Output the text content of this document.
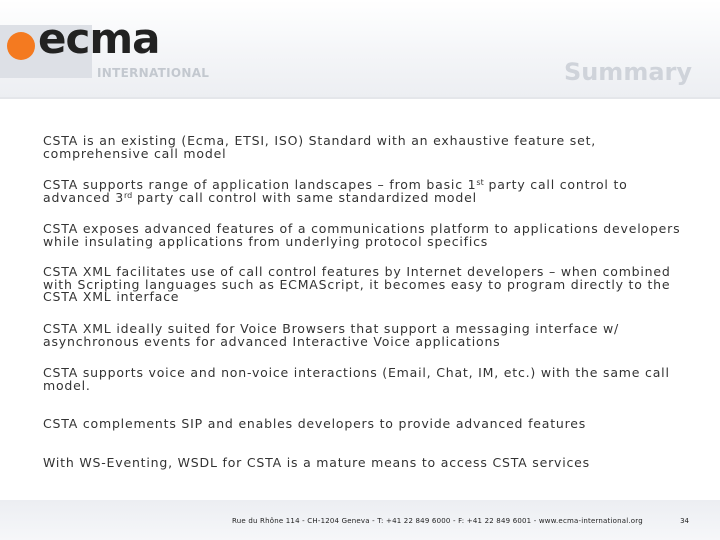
ecma
INTERNATIONAL	Summary
CSTA is an existing (Ecma, ETSI, ISO) Standard with an exhaustive feature set, comprehensive call model
CSTA supports range of application landscapes – from basic 1st party call control to advanced 3rd party call control with same standardized model
CSTA exposes advanced features of a communications platform to applications developers while insulating applications from underlying protocol specifics
CSTA XML facilitates use of call control features by Internet developers – when combined with Scripting languages such as ECMAScript, it becomes easy to program directly to the CSTA XML interface
CSTA XML ideally suited for Voice Browsers that support a messaging interface w/ asynchronous events for advanced Interactive Voice applications
CSTA supports voice and non-voice interactions (Email, Chat, IM, etc.) with the same call model.
CSTA complements SIP and enables developers to provide advanced features
With WS-Eventing, WSDL for CSTA is a mature means to access CSTA services
Rue du Rhône 114 - CH-1204 Geneva - T: +41 22 849 6000 - F: +41 22 849 6001 - www.ecma-international.org	34
